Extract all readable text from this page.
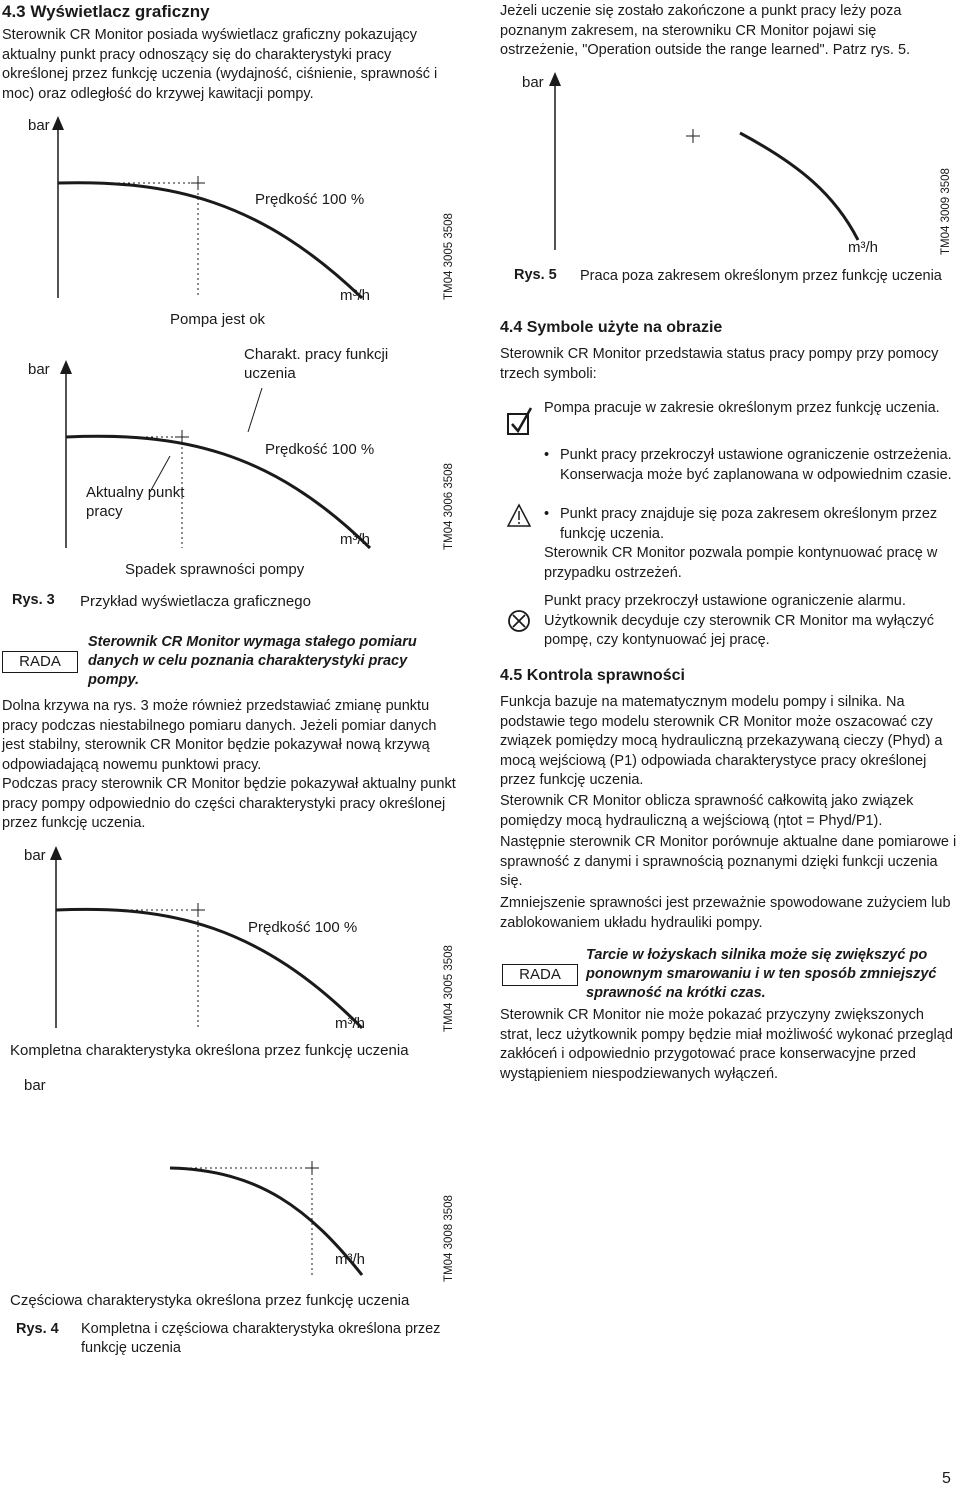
4.3 Wyświetlacz graficzny
Sterownik CR Monitor posiada wyświetlacz graficzny pokazujący aktualny punkt pracy odnoszący się do charakterystyki pracy określonej przez funkcję uczenia (wydajność, ciśnienie, sprawność i moc) oraz odległość do krzywej kawitacji pompy.
bar
Prędkość 100 %
m³/h
Pompa jest ok
TM04 3005 3508
bar
Charakt. pracy funkcji uczenia
Prędkość 100 %
Aktualny punkt pracy
m³/h
Spadek sprawności pompy
TM04 3006 3508
Rys. 3 Przykład wyświetlacza graficznego
RADA
Sterownik CR Monitor wymaga stałego pomiaru danych w celu poznania charakterystyki pracy pompy.
Dolna krzywa na rys. 3 może również przedstawiać zmianę punktu pracy podczas niestabilnego pomiaru danych. Jeżeli pomiar danych jest stabilny, sterownik CR Monitor będzie pokazywał nową krzywą odpowiadającą nowemu punktowi pracy.
Podczas pracy sterownik CR Monitor będzie pokazywał aktualny punkt pracy pompy odpowiednio do części charakterystyki pracy określonej przez funkcję uczenia.
bar
Prędkość 100 %
m³/h
Kompletna charakterystyka określona przez funkcję uczenia
TM04 3005 3508
bar
m³/h
Częściowa charakterystyka określona przez funkcję uczenia
TM04 3008 3508
Rys. 4 Kompletna i częściowa charakterystyka określona przez funkcję uczenia
Jeżeli uczenie się zostało zakończone a punkt pracy leży poza poznanym zakresem, na sterowniku CR Monitor pojawi się ostrzeżenie, "Operation outside the range learned". Patrz rys. 5.
bar
m³/h	TM04 3009 3508
Rys. 5 Praca poza zakresem określonym przez funkcję uczenia
4.4 Symbole użyte na obrazie
Sterownik CR Monitor przedstawia status pracy pompy przy pomocy trzech symboli:
Pompa pracuje w zakresie określonym przez funkcję uczenia.
• Punkt pracy przekroczył ustawione ograniczenie ostrzeżenia. Konserwacja może być zaplanowana w odpowiednim czasie.
• Punkt pracy znajduje się poza zakresem określonym przez funkcję uczenia.
Sterownik CR Monitor pozwala pompie kontynuować pracę w przypadku ostrzeżeń.
Punkt pracy przekroczył ustawione ograniczenie alarmu. Użytkownik decyduje czy sterownik CR Monitor ma wyłączyć pompę, czy kontynuować jej pracę.
4.5 Kontrola sprawności
Funkcja bazuje na matematycznym modelu pompy i silnika. Na podstawie tego modelu sterownik CR Monitor może oszacować czy związek pomiędzy mocą hydrauliczną przekazywaną cieczy (Phyd) a mocą wejściową (P1) odpowiada charakterystyce pracy określonej przez funkcję uczenia.
Sterownik CR Monitor oblicza sprawność całkowitą jako związek pomiędzy mocą hydrauliczną a wejściową (ηtot = Phyd/P1).
Następnie sterownik CR Monitor porównuje aktualne dane pomiarowe i sprawność z danymi i sprawnością poznanymi dzięki funkcji uczenia się.
Zmniejszenie sprawności jest przeważnie spowodowane zużyciem lub zablokowaniem układu hydrauliki pompy.
RADA
Tarcie w łożyskach silnika może się zwiększyć po ponownym smarowaniu i w ten sposób zmniejszyć sprawność na krótki czas.
Sterownik CR Monitor nie może pokazać przyczyny zwiększonych strat, lecz użytkownik pompy będzie miał możliwość wykonać przegląd zakłóceń i odpowiednio przygotować prace konserwacyjne przed wystąpieniem niespodziewanych wyłączeń.
5
